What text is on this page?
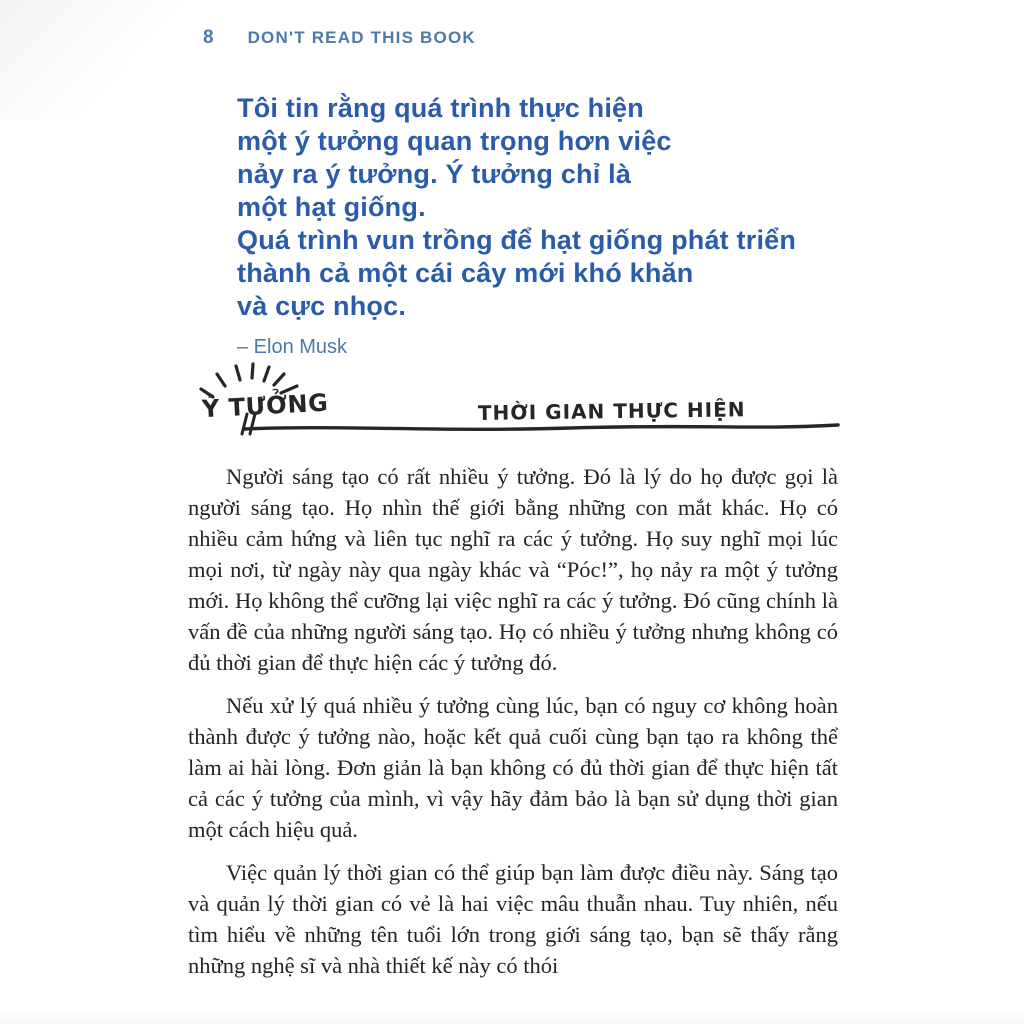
8 DON'T READ THIS BOOK
Tôi tin rằng quá trình thực hiện
một ý tưởng quan trọng hơn việc
nảy ra ý tưởng. Ý tưởng chỉ là
một hạt giống.
Quá trình vun trồng để hạt giống phát triển
thành cả một cái cây mới khó khăn
và cực nhọc.
– Elon Musk
Ý TƯỞNG	THỜI GIAN THỰC HIỆN

Người sáng tạo có rất nhiều ý tưởng. Đó là lý do họ được gọi là người sáng tạo. Họ nhìn thế giới bằng những con mắt khác. Họ có nhiều cảm hứng và liên tục nghĩ ra các ý tưởng. Họ suy nghĩ mọi lúc mọi nơi, từ ngày này qua ngày khác và “Póc!”, họ nảy ra một ý tưởng mới. Họ không thể cưỡng lại việc nghĩ ra các ý tưởng. Đó cũng chính là vấn đề của những người sáng tạo. Họ có nhiều ý tưởng nhưng không có đủ thời gian để thực hiện các ý tưởng đó.

Nếu xử lý quá nhiều ý tưởng cùng lúc, bạn có nguy cơ không hoàn thành được ý tưởng nào, hoặc kết quả cuối cùng bạn tạo ra không thể làm ai hài lòng. Đơn giản là bạn không có đủ thời gian để thực hiện tất cả các ý tưởng của mình, vì vậy hãy đảm bảo là bạn sử dụng thời gian một cách hiệu quả.

Việc quản lý thời gian có thể giúp bạn làm được điều này. Sáng tạo và quản lý thời gian có vẻ là hai việc mâu thuẫn nhau. Tuy nhiên, nếu tìm hiểu về những tên tuổi lớn trong giới sáng tạo, bạn sẽ thấy rằng những nghệ sĩ và nhà thiết kế này có thói
